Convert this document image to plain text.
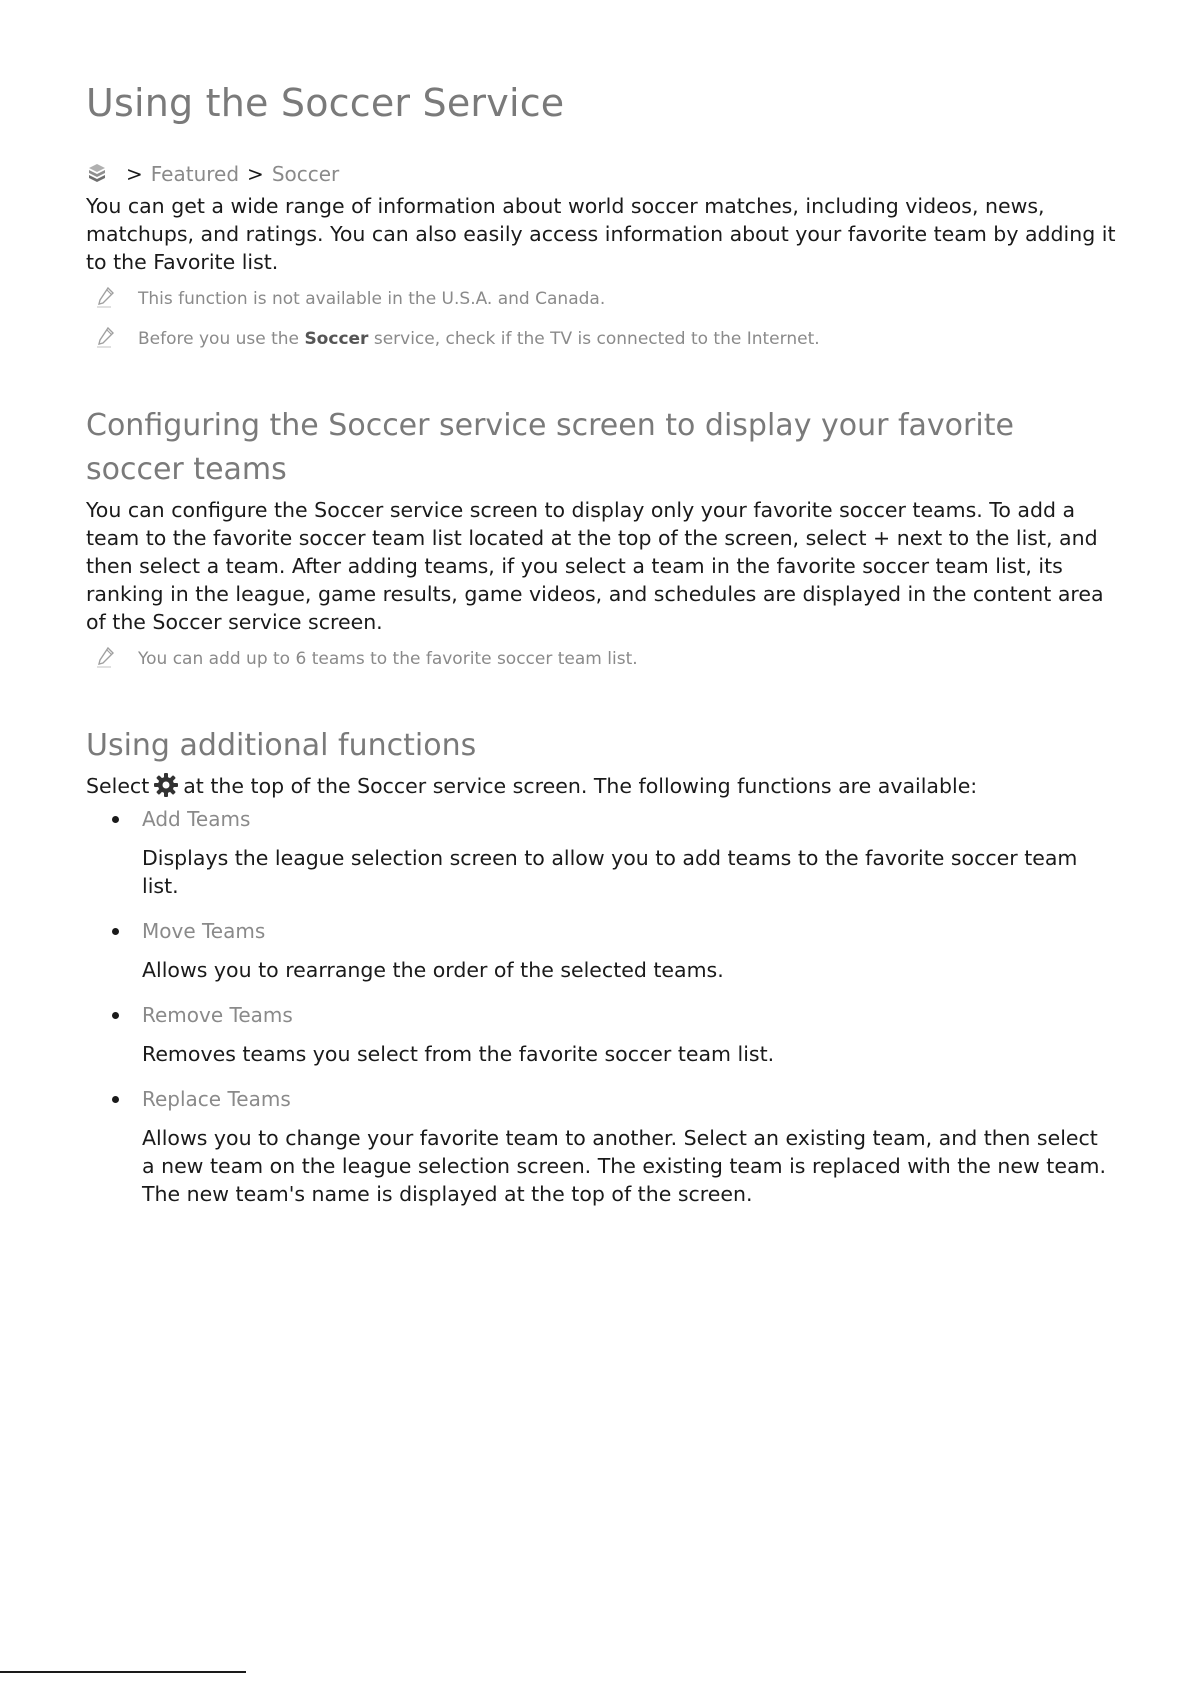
Using the Soccer Service
> Featured > Soccer

You can get a wide range of information about world soccer matches, including videos, news, matchups, and ratings. You can also easily access information about your favorite team by adding it to the Favorite list.

This function is not available in the U.S.A. and Canada.
Before you use the Soccer service, check if the TV is connected to the Internet.
Configuring the Soccer service screen to display your favorite soccer teams

You can configure the Soccer service screen to display only your favorite soccer teams. To add a team to the favorite soccer team list located at the top of the screen, select + next to the list, and then select a team. After adding teams, if you select a team in the favorite soccer team list, its ranking in the league, game results, game videos, and schedules are displayed in the content area of the Soccer service screen.

You can add up to 6 teams to the favorite soccer team list.
Using additional functions

Select at the top of the Soccer service screen. The following functions are available:

Add Teams
Displays the league selection screen to allow you to add teams to the favorite soccer team list.
Move Teams
Allows you to rearrange the order of the selected teams.
Remove Teams
Removes teams you select from the favorite soccer team list.
Replace Teams
Allows you to change your favorite team to another. Select an existing team, and then select a new team on the league selection screen. The existing team is replaced with the new team. The new team's name is displayed at the top of the screen.
